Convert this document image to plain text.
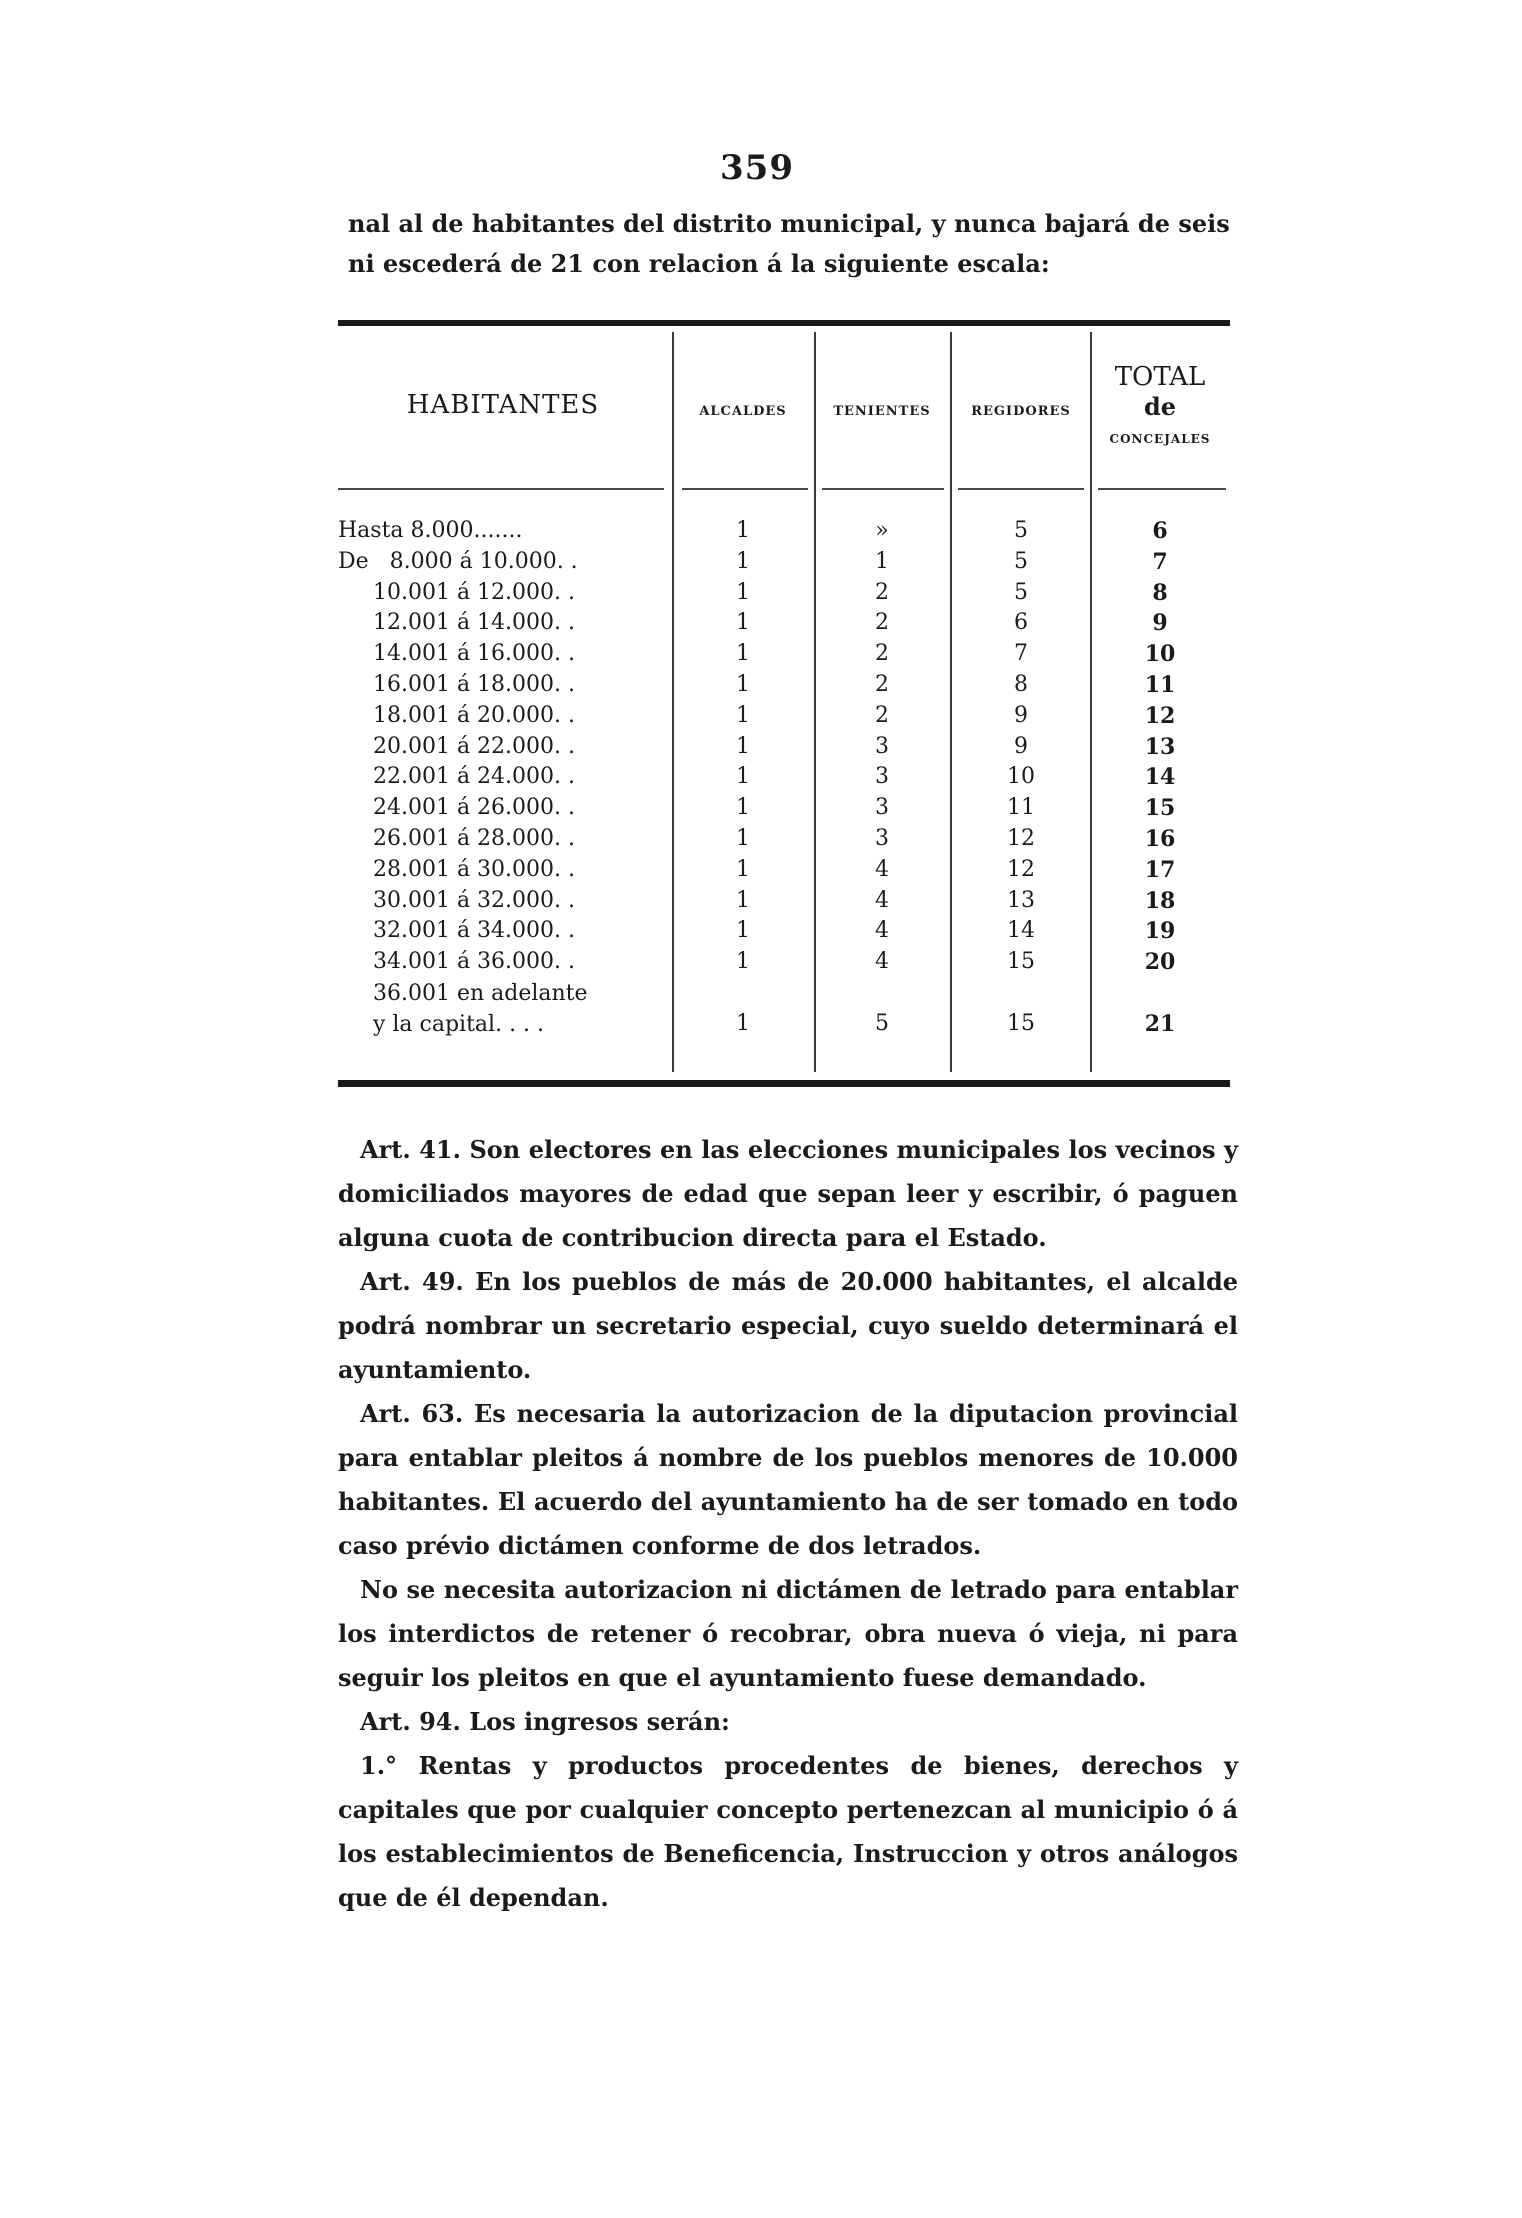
359

nal al de habitantes del distrito municipal, y nunca bajará de seis

ni escederá de 21 con relacion á la siguiente escala:

HABITANTES	ALCALDES	TENIENTES	REGIDORES
TOTAL
de
CONCEJALES
Hasta 8.000.......	1	»	5	6
De   8.000 á 10.000. .	1	1	5	7
10.001 á 12.000. .	1	2	5	8
12.001 á 14.000. .	1	2	6	9
14.001 á 16.000. .	1	2	7	10
16.001 á 18.000. .	1	2	8	11
18.001 á 20.000. .	1	2	9	12
20.001 á 22.000. .	1	3	9	13
22.001 á 24.000. .	1	3	10	14
24.001 á 26.000. .	1	3	11	15
26.001 á 28.000. .	1	3	12	16
28.001 á 30.000. .	1	4	12	17
30.001 á 32.000. .	1	4	13	18
32.001 á 34.000. .	1	4	14	19
34.001 á 36.000. .	1	4	15	20
36.001 en adelante
y la capital. . . .	1	5	15	21

Art. 41. Son electores en las elecciones municipales los vecinos y domiciliados mayores de edad que sepan leer y escribir, ó paguen alguna cuota de contribucion directa para el Estado.

Art. 49. En los pueblos de más de 20.000 habitantes, el alcalde podrá nombrar un secretario especial, cuyo sueldo determinará el ayuntamiento.

Art. 63. Es necesaria la autorizacion de la diputacion provincial para entablar pleitos á nombre de los pueblos menores de 10.000 habitantes. El acuerdo del ayuntamiento ha de ser tomado en todo caso prévio dictámen conforme de dos letrados.

No se necesita autorizacion ni dictámen de letrado para entablar los interdictos de retener ó recobrar, obra nueva ó vieja, ni para seguir los pleitos en que el ayuntamiento fuese demandado.

Art. 94. Los ingresos serán:

1.° Rentas y productos procedentes de bienes, derechos y capitales que por cualquier concepto pertenezcan al municipio ó á los establecimientos de Beneficencia, Instruccion y otros análogos que de él dependan.
